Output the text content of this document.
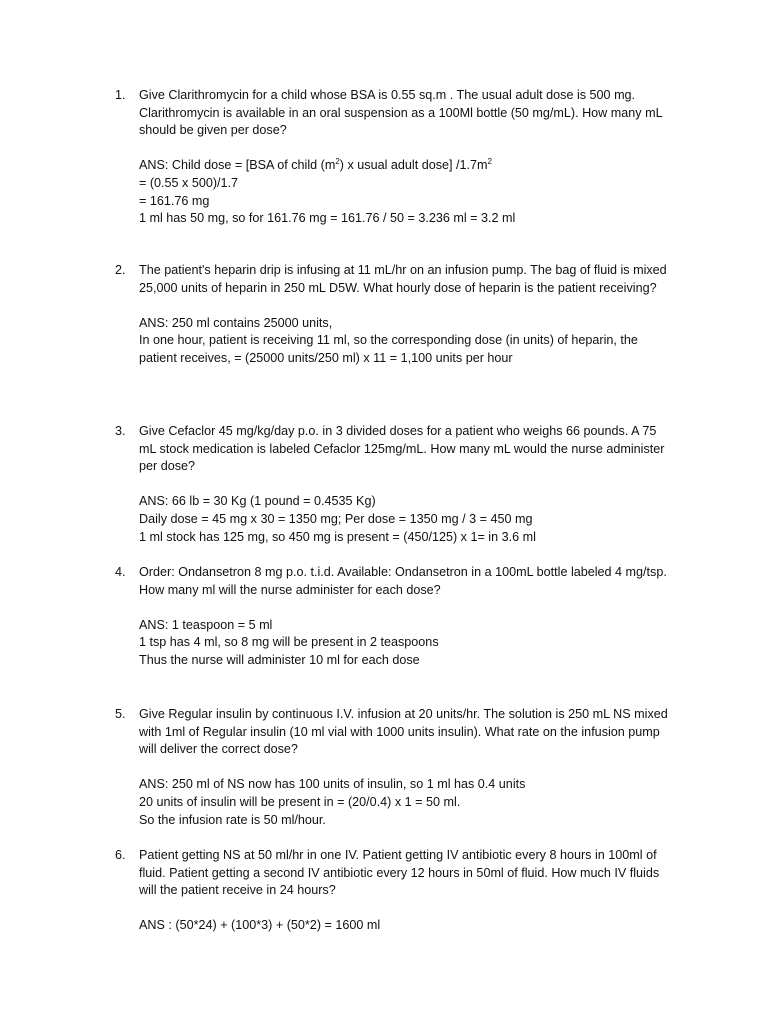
1.	Give Clarithromycin for a child whose BSA is 0.55 sq.m . The usual adult dose is 500 mg. Clarithromycin is available in an oral suspension as a 100Ml bottle (50 mg/mL). How many mL should be given per dose?

ANS: Child dose = [BSA of child $(m^2)$ x usual adult dose] $/1.7m^2$
= (0.55 x 500)/1.7
= 161.76 mg
1 ml has 50 mg, so for 161.76 mg = 161.76 / 50 = 3.236 ml = 3.2 ml
2.	The patient's heparin drip is infusing at 11 mL/hr on an infusion pump. The bag of fluid is mixed 25,000 units of heparin in 250 mL D5W. What hourly dose of heparin is the patient receiving?

ANS: 250 ml contains 25000 units,

In one hour, patient is receiving 11 ml, so the corresponding dose (in units) of heparin, the patient receives, = (25000 units/250 ml) x 11 = 1,100 units per hour

3.	Give Cefaclor 45 mg/kg/day p.o. in 3 divided doses for a patient who weighs 66 pounds. A 75 mL stock medication is labeled Cefaclor 125mg/mL. How many mL would the nurse administer per dose?

ANS: 66 lb = 30 Kg (1 pound = 0.4535 Kg)
Daily dose = 45 mg x 30 = 1350 mg; Per dose = 1350 mg / 3 = 450 mg
1 ml stock has 125 mg, so 450 mg is present = (450/125) x 1= in 3.6 ml
4.	Order: Ondansetron 8 mg p.o. t.i.d. Available: Ondansetron in a 100mL bottle labeled 4 mg/tsp. How many ml will the nurse administer for each dose?

ANS: 1 teaspoon = 5 ml
1 tsp has 4 ml, so 8 mg will be present in 2 teaspoons
Thus the nurse will administer 10 ml for each dose
5.	Give Regular insulin by continuous I.V. infusion at 20 units/hr. The solution is 250 mL NS mixed with 1ml of Regular insulin (10 ml vial with 1000 units insulin). What rate on the infusion pump will deliver the correct dose?

ANS: 250 ml of NS now has 100 units of insulin, so 1 ml has 0.4 units
20 units of insulin will be present in = (20/0.4) x 1 = 50 ml.
So the infusion rate is 50 ml/hour.
6.	Patient getting NS at 50 ml/hr in one IV. Patient getting IV antibiotic every 8 hours in 100ml of fluid. Patient getting a second IV antibiotic every 12 hours in 50ml of fluid. How much IV fluids will the patient receive in 24 hours?

ANS : (50*24) + (100*3) + (50*2) = 1600 ml
